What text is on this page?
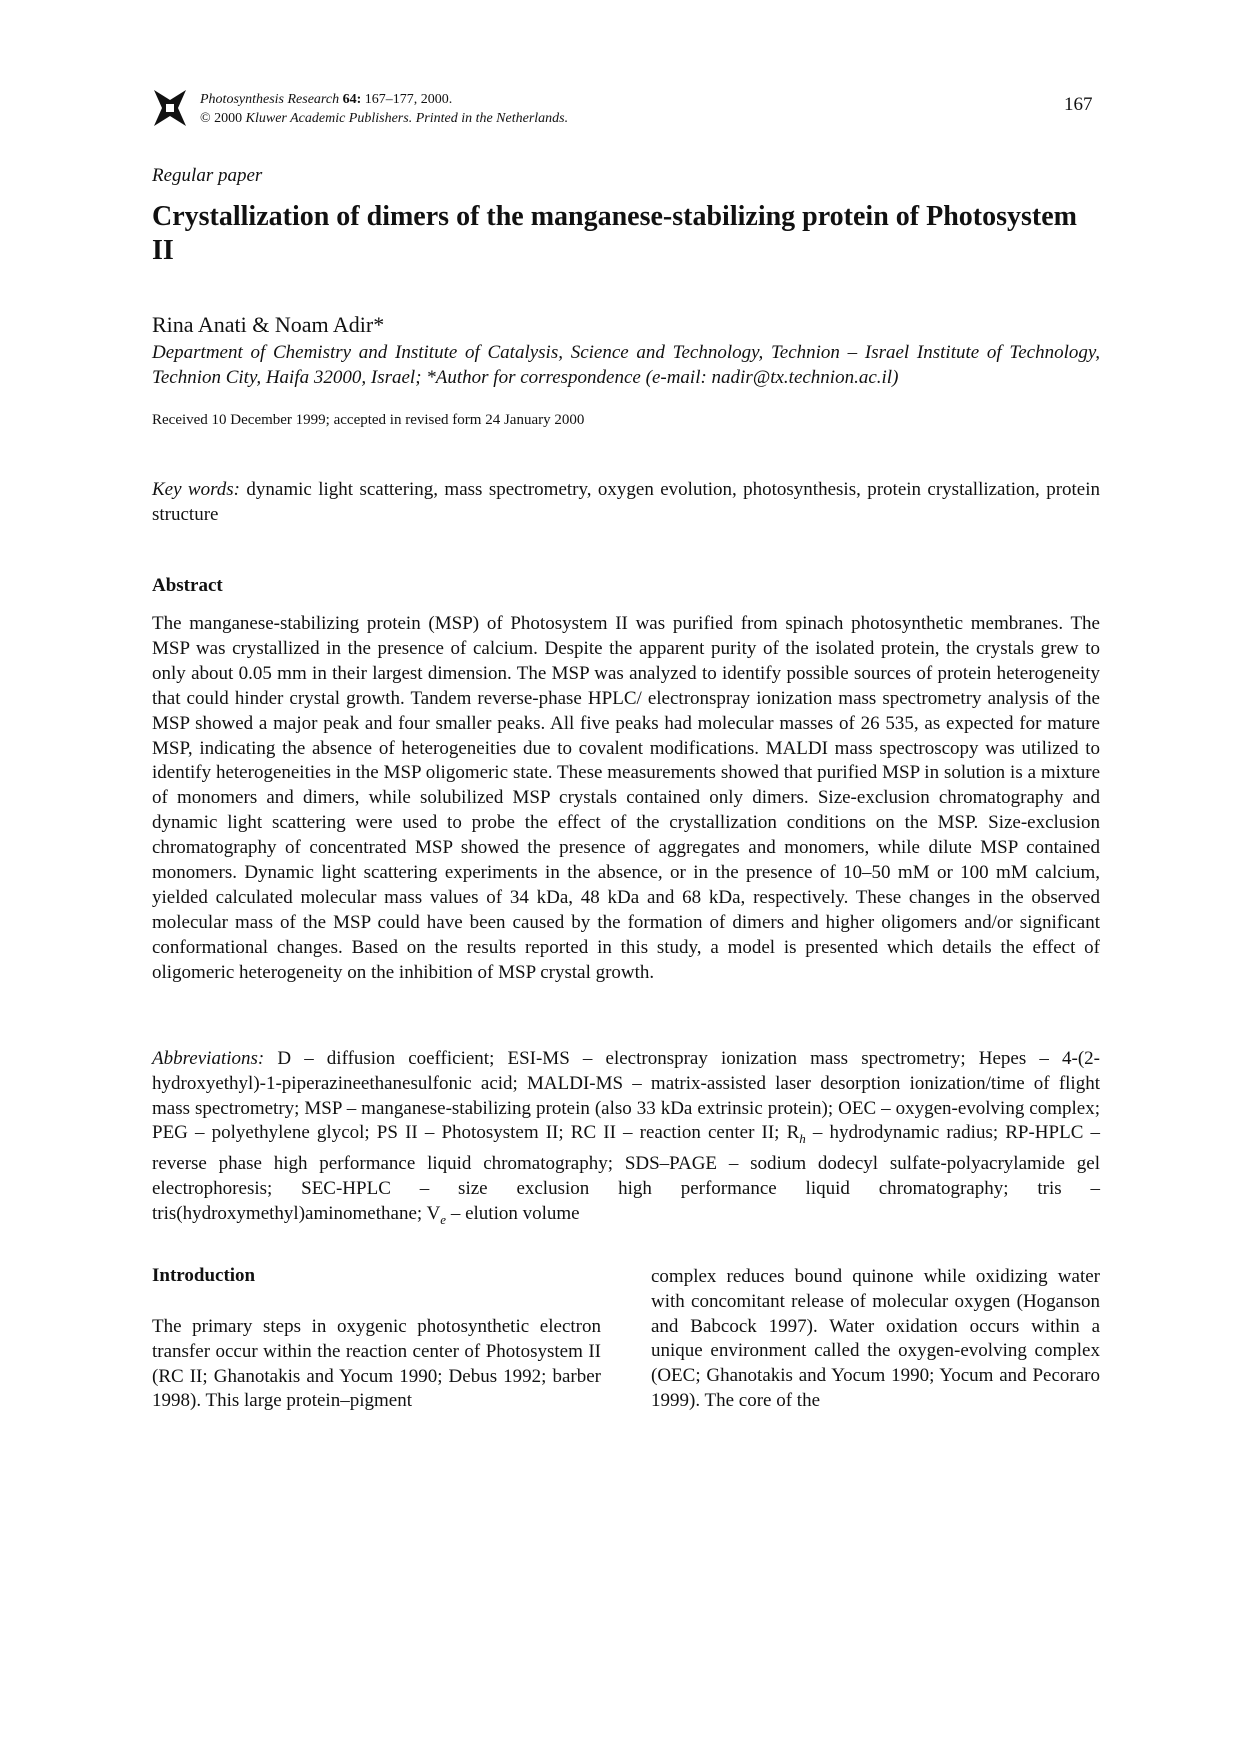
Photosynthesis Research 64: 167–177, 2000.
© 2000 Kluwer Academic Publishers. Printed in the Netherlands.
167
Regular paper
Crystallization of dimers of the manganese-stabilizing protein of Photosystem II
Rina Anati & Noam Adir*
Department of Chemistry and Institute of Catalysis, Science and Technology, Technion – Israel Institute of Technology, Technion City, Haifa 32000, Israel; *Author for correspondence (e-mail: nadir@tx.technion.ac.il)
Received 10 December 1999; accepted in revised form 24 January 2000
Key words: dynamic light scattering, mass spectrometry, oxygen evolution, photosynthesis, protein crystallization, protein structure
Abstract
The manganese-stabilizing protein (MSP) of Photosystem II was purified from spinach photosynthetic membranes. The MSP was crystallized in the presence of calcium. Despite the apparent purity of the isolated protein, the crystals grew to only about 0.05 mm in their largest dimension. The MSP was analyzed to identify possible sources of protein heterogeneity that could hinder crystal growth. Tandem reverse-phase HPLC/ electronspray ionization mass spectrometry analysis of the MSP showed a major peak and four smaller peaks. All five peaks had molecular masses of 26 535, as expected for mature MSP, indicating the absence of heterogeneities due to covalent modifications. MALDI mass spectroscopy was utilized to identify heterogeneities in the MSP oligomeric state. These measurements showed that purified MSP in solution is a mixture of monomers and dimers, while solubilized MSP crystals contained only dimers. Size-exclusion chromatography and dynamic light scattering were used to probe the effect of the crystallization conditions on the MSP. Size-exclusion chromatography of concentrated MSP showed the presence of aggregates and monomers, while dilute MSP contained monomers. Dynamic light scattering experiments in the absence, or in the presence of 10–50 mM or 100 mM calcium, yielded calculated molecular mass values of 34 kDa, 48 kDa and 68 kDa, respectively. These changes in the observed molecular mass of the MSP could have been caused by the formation of dimers and higher oligomers and/or significant conformational changes. Based on the results reported in this study, a model is presented which details the effect of oligomeric heterogeneity on the inhibition of MSP crystal growth.
Abbreviations: D – diffusion coefficient; ESI-MS – electronspray ionization mass spectrometry; Hepes – 4-(2-hydroxyethyl)-1-piperazineethanesulfonic acid; MALDI-MS – matrix-assisted laser desorption ionization/time of flight mass spectrometry; MSP – manganese-stabilizing protein (also 33 kDa extrinsic protein); OEC – oxygen-evolving complex; PEG – polyethylene glycol; PS II – Photosystem II; RC II – reaction center II; $R_h$ – hydrodynamic radius; RP-HPLC – reverse phase high performance liquid chromatography; SDS–PAGE – sodium dodecyl sulfate-polyacrylamide gel electrophoresis; SEC-HPLC – size exclusion high performance liquid chromatography; tris – tris(hydroxymethyl)aminomethane; $V_e$ – elution volume
Introduction
The primary steps in oxygenic photosynthetic electron transfer occur within the reaction center of Photosystem II (RC II; Ghanotakis and Yocum 1990; Debus 1992; barber 1998). This large protein–pigment
complex reduces bound quinone while oxidizing water with concomitant release of molecular oxygen (Hoganson and Babcock 1997). Water oxidation occurs within a unique environment called the oxygen-evolving complex (OEC; Ghanotakis and Yocum 1990; Yocum and Pecoraro 1999). The core of the
